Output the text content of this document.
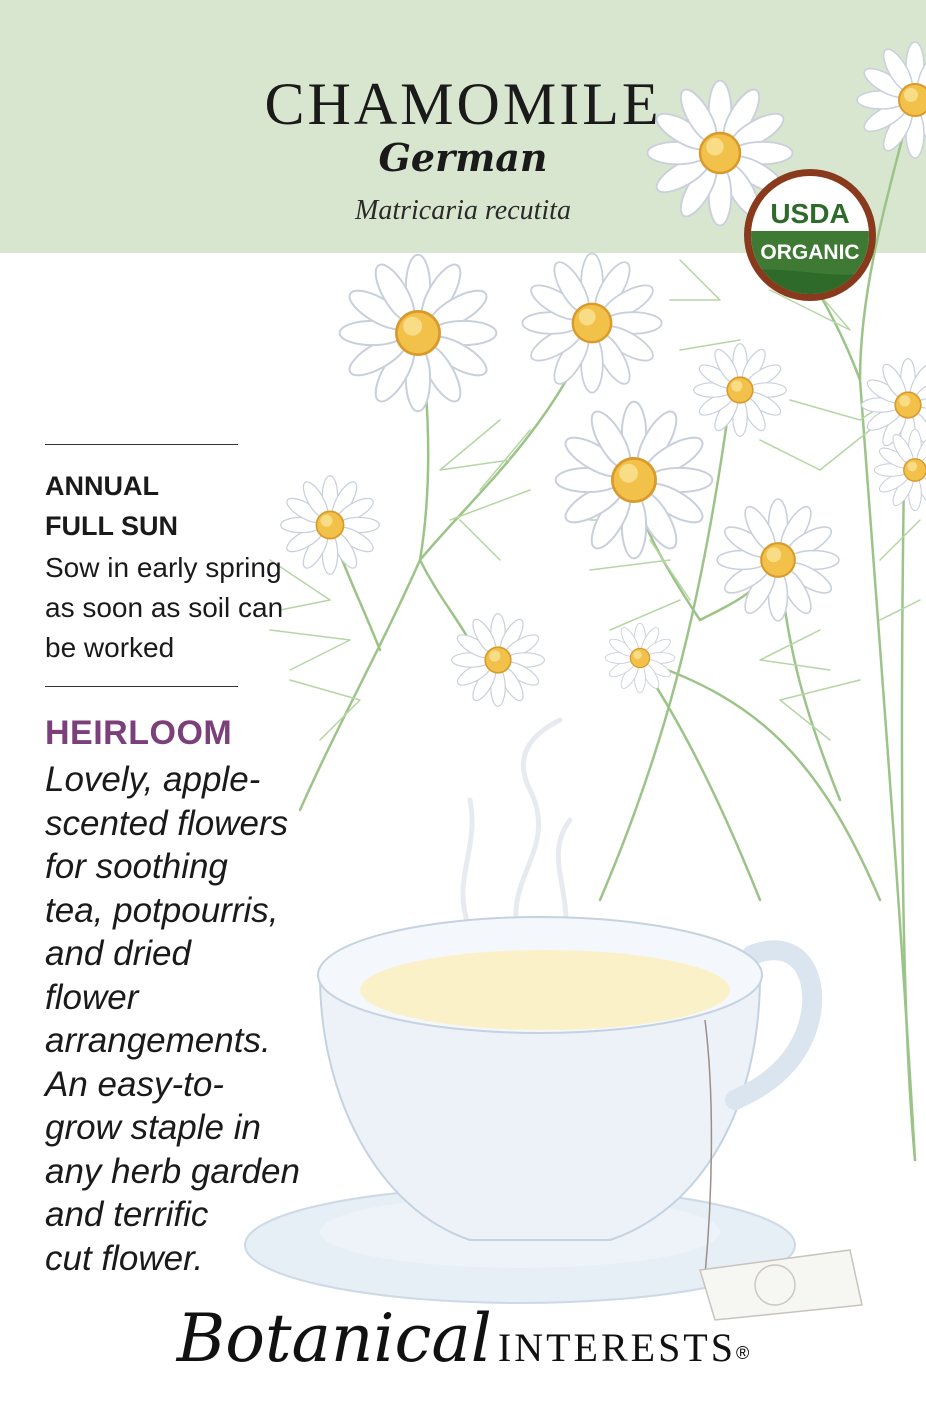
CHAMOMILE
German
Matricaria recutita	USDA
ORGANIC
ANNUAL
FULL SUN
Sow in early spring
as soon as soil can
be worked
HEIRLOOM
Lovely, apple-
scented flowers
for soothing
tea, potpourris,
and dried
flower
arrangements.
An easy-to-
grow staple in
any herb garden
and terrific
cut flower.
Botanical INTERESTS®
